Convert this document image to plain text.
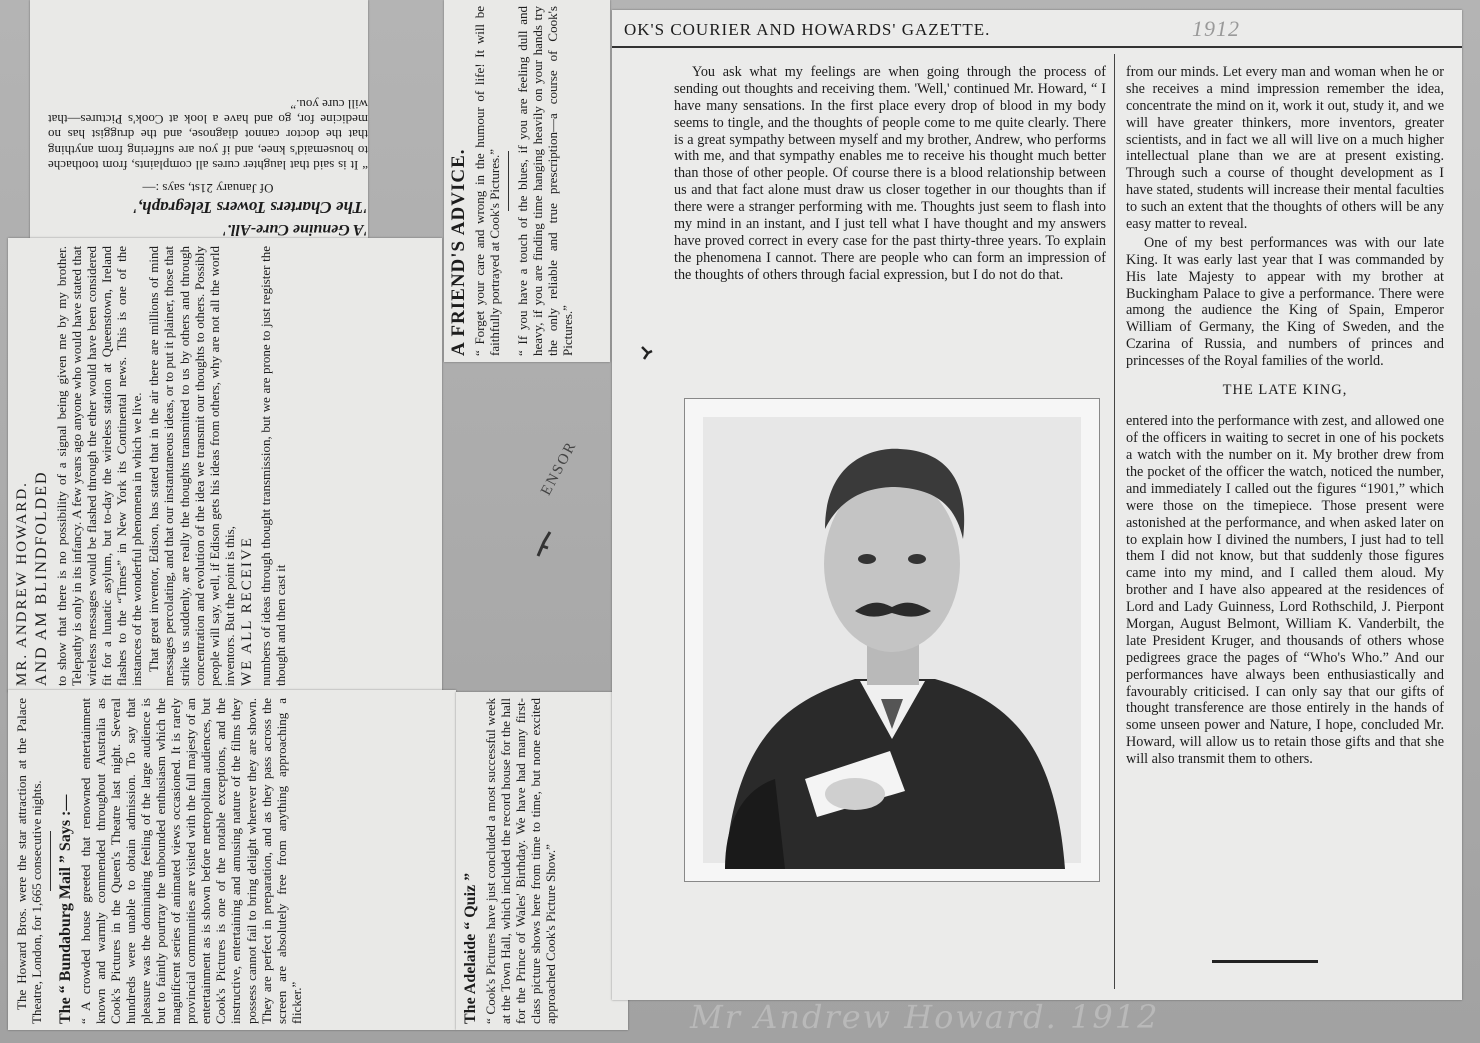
'A Genuine Cure-All.'

'The Charters Towers Telegraph,'

Of January 21st, says :—

“ It is said that laughter cures all complaints, from toothache to housemaid's knee, and if you are suffering from anything that the doctor cannot diagnose, and the druggist has no medicine for, go and have a look at Cook's Pictures—that will cure you.”

MR. ANDREW HOWARD. AND AM BLINDFOLDED to show that there is no possibility of a signal being given me by my brother. Telepathy is only in its infancy. A few years ago anyone who would have stated that wireless messages would be flashed through the ether would have been considered fit for a lunatic asylum, but to-day the wireless station at Queenstown, Ireland flashes to the “Times” in New York its Continental news. This is one of the instances of the wonderful phenomena in which we live. That great inventor, Edison, has stated that in the air there are millions of mind messages percolating, and that our instantaneous ideas, or to put it plainer, those that strike us suddenly, are really the thoughts transmitted to us by others and through concentration and evolution of the idea we transmit our thoughts to others. Possibly people will say, well, if Edison gets his ideas from others, why are not all the world inventors. But the point is this, WE ALL RECEIVE numbers of ideas through thought transmission, but we are prone to just register the thought and then cast it

A FRIEND'S ADVICE. “ Forget your care and wrong in the humour of life! It will be faithfully portrayed at Cook's Pictures.” “ If you have a touch of the blues, if you are feeling dull and heavy, if you are finding time hanging heavily on your hands try the only reliable and true prescription—a course of Cook's Pictures.”

The Howard Bros. were the star attraction at the Palace Theatre, London, for 1,665 consecutive nights. The “ Bundaburg Mail ” Says :— “ A crowded house greeted that renowned entertainment known and warmly commended throughout Australia as Cook's Pictures in the Queen's Theatre last night. Several hundreds were unable to obtain admission. To say that pleasure was the dominating feeling of the large audience is but to faintly pourtray the unbounded enthusiasm which the magnificent series of animated views occasioned. It is rarely provincial communities are visited with the full majesty of an entertainment as is shown before metropolitan audiences, but Cook's Pictures is one of the notable exceptions, and the instructive, entertaining and amusing nature of the films they possess cannot fail to bring delight wherever they are shown. They are perfect in preparation, and as they pass across the screen are absolutely free from anything approaching a flicker.”	The Adelaide “ Quiz ” “ Cook's Pictures have just concluded a most successful week at the Town Hall, which included the record house for the hall for the Prince of Wales' Birthday. We have had many first-class picture shows here from time to time, but none excited approached Cook's Picture Show.”

ENSOR
OK'S COURIER AND HOWARDS' GAZETTE.	1912

You ask what my feelings are when going through the process of sending out thoughts and receiving them. 'Well,' continued Mr. Howard, “ I have many sensations. In the first place every drop of blood in my body seems to tingle, and the thoughts of people come to me quite clearly. There is a great sympathy between myself and my brother, Andrew, who performs with me, and that sympathy enables me to receive his thought much better than those of other people. Of course there is a blood relationship between us and that fact alone must draw us closer together in our thoughts than if there were a stranger performing with me. Thoughts just seem to flash into my mind in an instant, and I just tell what I have thought and my answers have proved correct in every case for the past thirty-three years. To explain the phenomena I cannot. There are people who can form an impression of the thoughts of others through facial expression, but I do not do that.

from our minds. Let every man and woman when he or she receives a mind impression remember the idea, concentrate the mind on it, work it out, study it, and we will have greater thinkers, more inventors, greater scientists, and in fact we all will live on a much higher intellectual plane than we are at present existing. Through such a course of thought development as I have stated, students will increase their mental faculties to such an extent that the thoughts of others will be any easy matter to reveal.

One of my best performances was with our late King. It was early last year that I was commanded by His late Majesty to appear with my brother at Buckingham Palace to give a performance. There were among the audience the King of Spain, Emperor William of Germany, the King of Sweden, and the Czarina of Russia, and numbers of princes and princesses of the Royal families of the world.

THE LATE KING,

entered into the performance with zest, and allowed one of the officers in waiting to secret in one of his pockets a watch with the number on it. My brother drew from the pocket of the officer the watch, noticed the number, and immediately I called out the figures “1901,” which were those on the timepiece. Those present were astonished at the performance, and when asked later on to explain how I divined the numbers, I just had to tell them I did not know, but that suddenly those figures came into my mind, and I called them aloud. My brother and I have also appeared at the residences of Lord and Lady Guinness, Lord Rothschild, J. Pierpont Morgan, August Belmont, William K. Vanderbilt, the late President Kruger, and thousands of others whose pedigrees grace the pages of “Who's Who.” And our performances have always been enthusiastically and favourably criticised. I can only say that our gifts of thought transference are those entirely in the hands of some unseen power and Nature, I hope, concluded Mr. Howard, will allow us to retain those gifts and that she will also transmit them to others.

Mr Andrew Howard. 1912
